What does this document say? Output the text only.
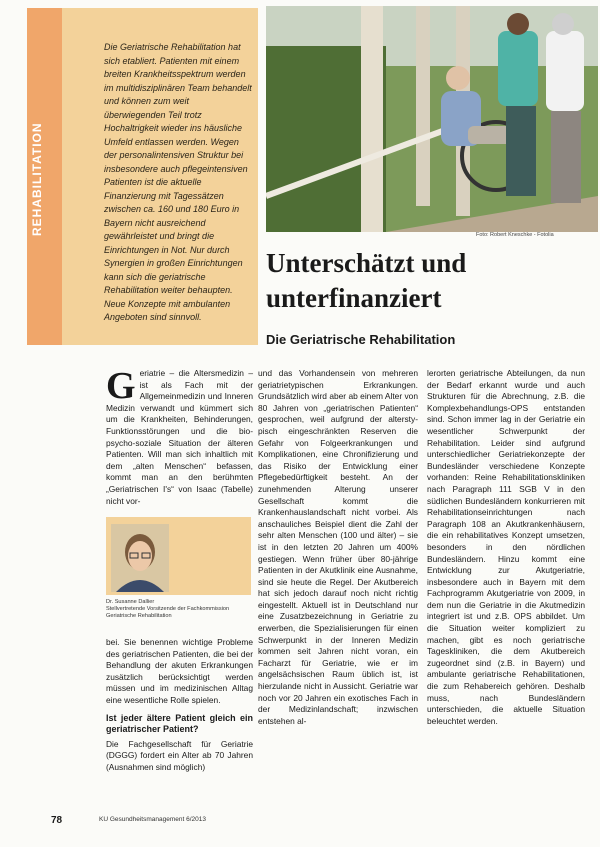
REHABILITATION
Die Geriatrische Rehabilitation hat sich etabliert. Patienten mit einem breiten Krankheitsspektrum werden im multidisziplinären Team behandelt und können zum weit überwiegenden Teil trotz Hochaltrigkeit wieder ins häusliche Umfeld entlassen werden. Wegen der personalintensiven Struktur bei insbesondere auch pflegeintensiven Patienten ist die aktuelle Finanzierung mit Tagessätzen zwischen ca. 160 und 180 Euro in Bayern nicht ausreichend gewährleistet und bringt die Einrichtungen in Not. Nur durch Synergien in großen Einrichtungen kann sich die geriatrische Rehabilitation weiter behaupten. Neue Konzepte mit ambulanten Angeboten sind sinnvoll.
Foto: Robert Kneschke - Fotolia
Unterschätzt und
unterfinanziert
Die Geriatrische Rehabilitation
G eriatrie – die Altersmedizin – ist als Fach mit der Allgemeinmedizin und Inneren Medizin verwandt und kümmert sich um die Krankheiten, Behinderungen, Funktionsstörungen und die bio-psycho-soziale Situation der älteren Patienten. Will man sich inhaltlich mit dem „alten Menschen“ befassen, kommt man an den berühmten „Geriatrischen I's“ von Isaac (Tabelle) nicht vor-
Dr. Susanne Dallier
Stellvertretende Vorsitzende der Fachkommission Geriatrische Rehabilitation

bei. Sie benennen wichtige Probleme des geriatrischen Patienten, die bei der Behandlung der akuten Erkrankungen zusätzlich berücksichtigt werden müssen und im medizinischen Alltag eine wesentliche Rolle spielen.

Ist jeder ältere Patient gleich ein geriatrischer Patient?

Die Fachgesellschaft für Geriatrie (DGGG) fordert ein Alter ab 70 Jahren (Ausnahmen sind möglich)

und das Vorhandensein von mehreren geriatrietypischen Erkrankungen. Grundsätzlich wird aber ab einem Alter von 80 Jahren von „geriatrischen Patienten“ gesprochen, weil aufgrund der alterstypisch eingeschränkten Reserven die Gefahr von Folgeerkrankungen und Komplikationen, eine Chronifizierung und das Risiko der Entwicklung einer Pflegebedürftigkeit besteht. An der zunehmenden Alterung unserer Gesellschaft kommt die Krankenhauslandschaft nicht vorbei. Als anschauliches Beispiel dient die Zahl der sehr alten Menschen (100 und älter) – sie ist in den letzten 20 Jahren um 400% gestiegen. Wenn früher über 80-jährige Patienten in der Akutklinik eine Ausnahme, sind sie heute die Regel. Der Akutbereich hat sich jedoch darauf noch nicht richtig eingestellt. Aktuell ist in Deutschland nur eine Zusatzbezeichnung in Geriatrie zu erwerben, die Spezialisierungen für einen Schwerpunkt in der Inneren Medizin kommen seit Jahren nicht voran, ein Facharzt für Geriatrie, wie er im angelsächsischen Raum üblich ist, ist hierzulande nicht in Aussicht. Geriatrie war noch vor 20 Jahren ein exotisches Fach in der Medizinlandschaft; inzwischen entstehen al-

lerorten geriatrische Abteilungen, da nun der Bedarf erkannt wurde und auch Strukturen für die Abrechnung, z.B. die Komplexbehandlungs-OPS entstanden sind. Schon immer lag in der Geriatrie ein wesentlicher Schwerpunkt der Rehabilitation. Leider sind aufgrund unterschiedlicher Geriatriekonzepte der Bundesländer verschiedene Konzepte vorhanden: Reine Rehabilitationskliniken nach Paragraph 111 SGB V in den südlichen Bundesländern konkurrieren mit Rehabilitationseinrichtungen nach Paragraph 108 an Akutkrankenhäusern, die ein rehabilitatives Konzept umsetzen, besonders in den nördlichen Bundesländern. Hinzu kommt eine Entwicklung zur Akutgeriatrie, insbesondere auch in Bayern mit dem Fachprogramm Akutgeriatrie von 2009, in dem nun die Geriatrie in die Akutmedizin integriert ist und z.B. OPS abbildet. Um die Situation weiter kompliziert zu machen, gibt es noch geriatrische Tageskliniken, die dem Akutbereich zugeordnet sind (z.B. in Bayern) und ambulante geriatrische Rehabilitationen, die zum Rehabereich gehören. Deshalb muss, nach Bundesländern unterschieden, die aktuelle Situation beleuchtet werden.

78	KU Gesundheitsmanagement 6/2013
